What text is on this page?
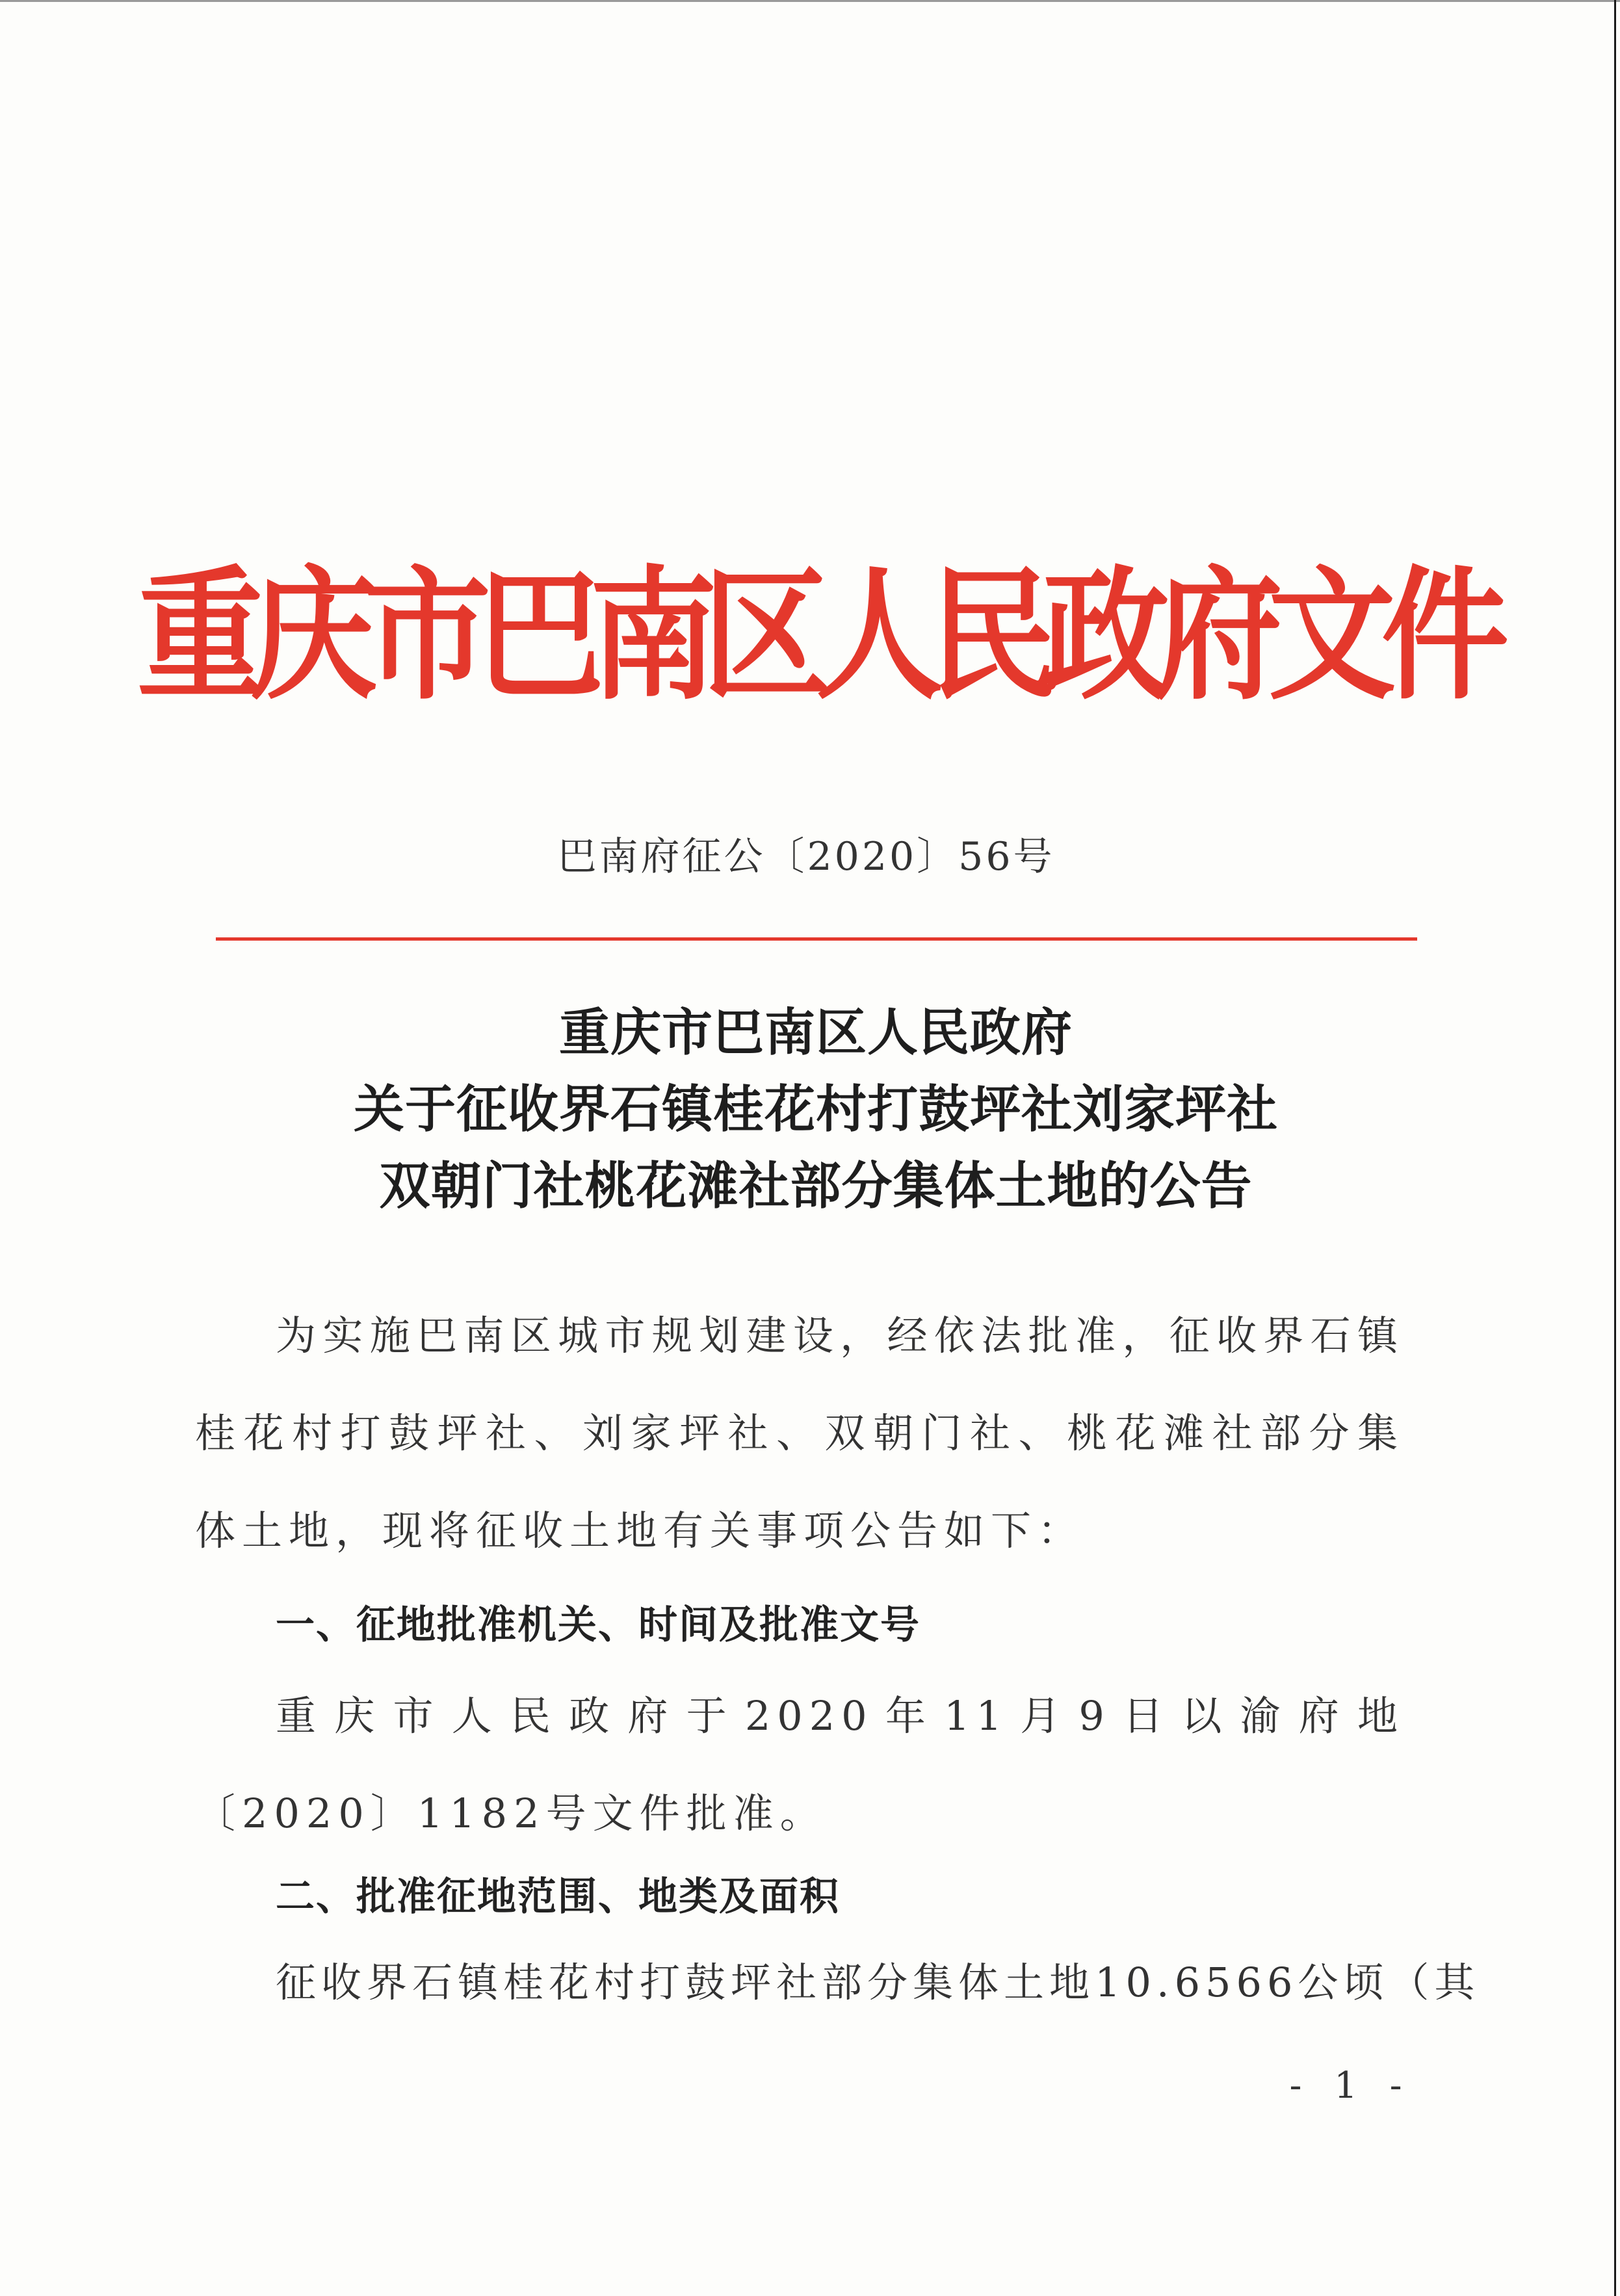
重庆市巴南区人民政府文件
巴南府征公〔2020〕56号
重庆市巴南区人民政府
关于征收界石镇桂花村打鼓坪社刘家坪社
双朝门社桃花滩社部分集体土地的公告

为实施巴南区城市规划建设，经依法批准，征收界石镇桂花村打鼓坪社、刘家坪社、双朝门社、桃花滩社部分集体土地，现将征收土地有关事项公告如下：

一、征地批准机关、时间及批准文号

重庆市人民政府于2020年11月9日以渝府地〔2020〕1182号文件批准。

二、批准征地范围、地类及面积

征收界石镇桂花村打鼓坪社部分集体土地10.6566公顷（其

- 1 -
